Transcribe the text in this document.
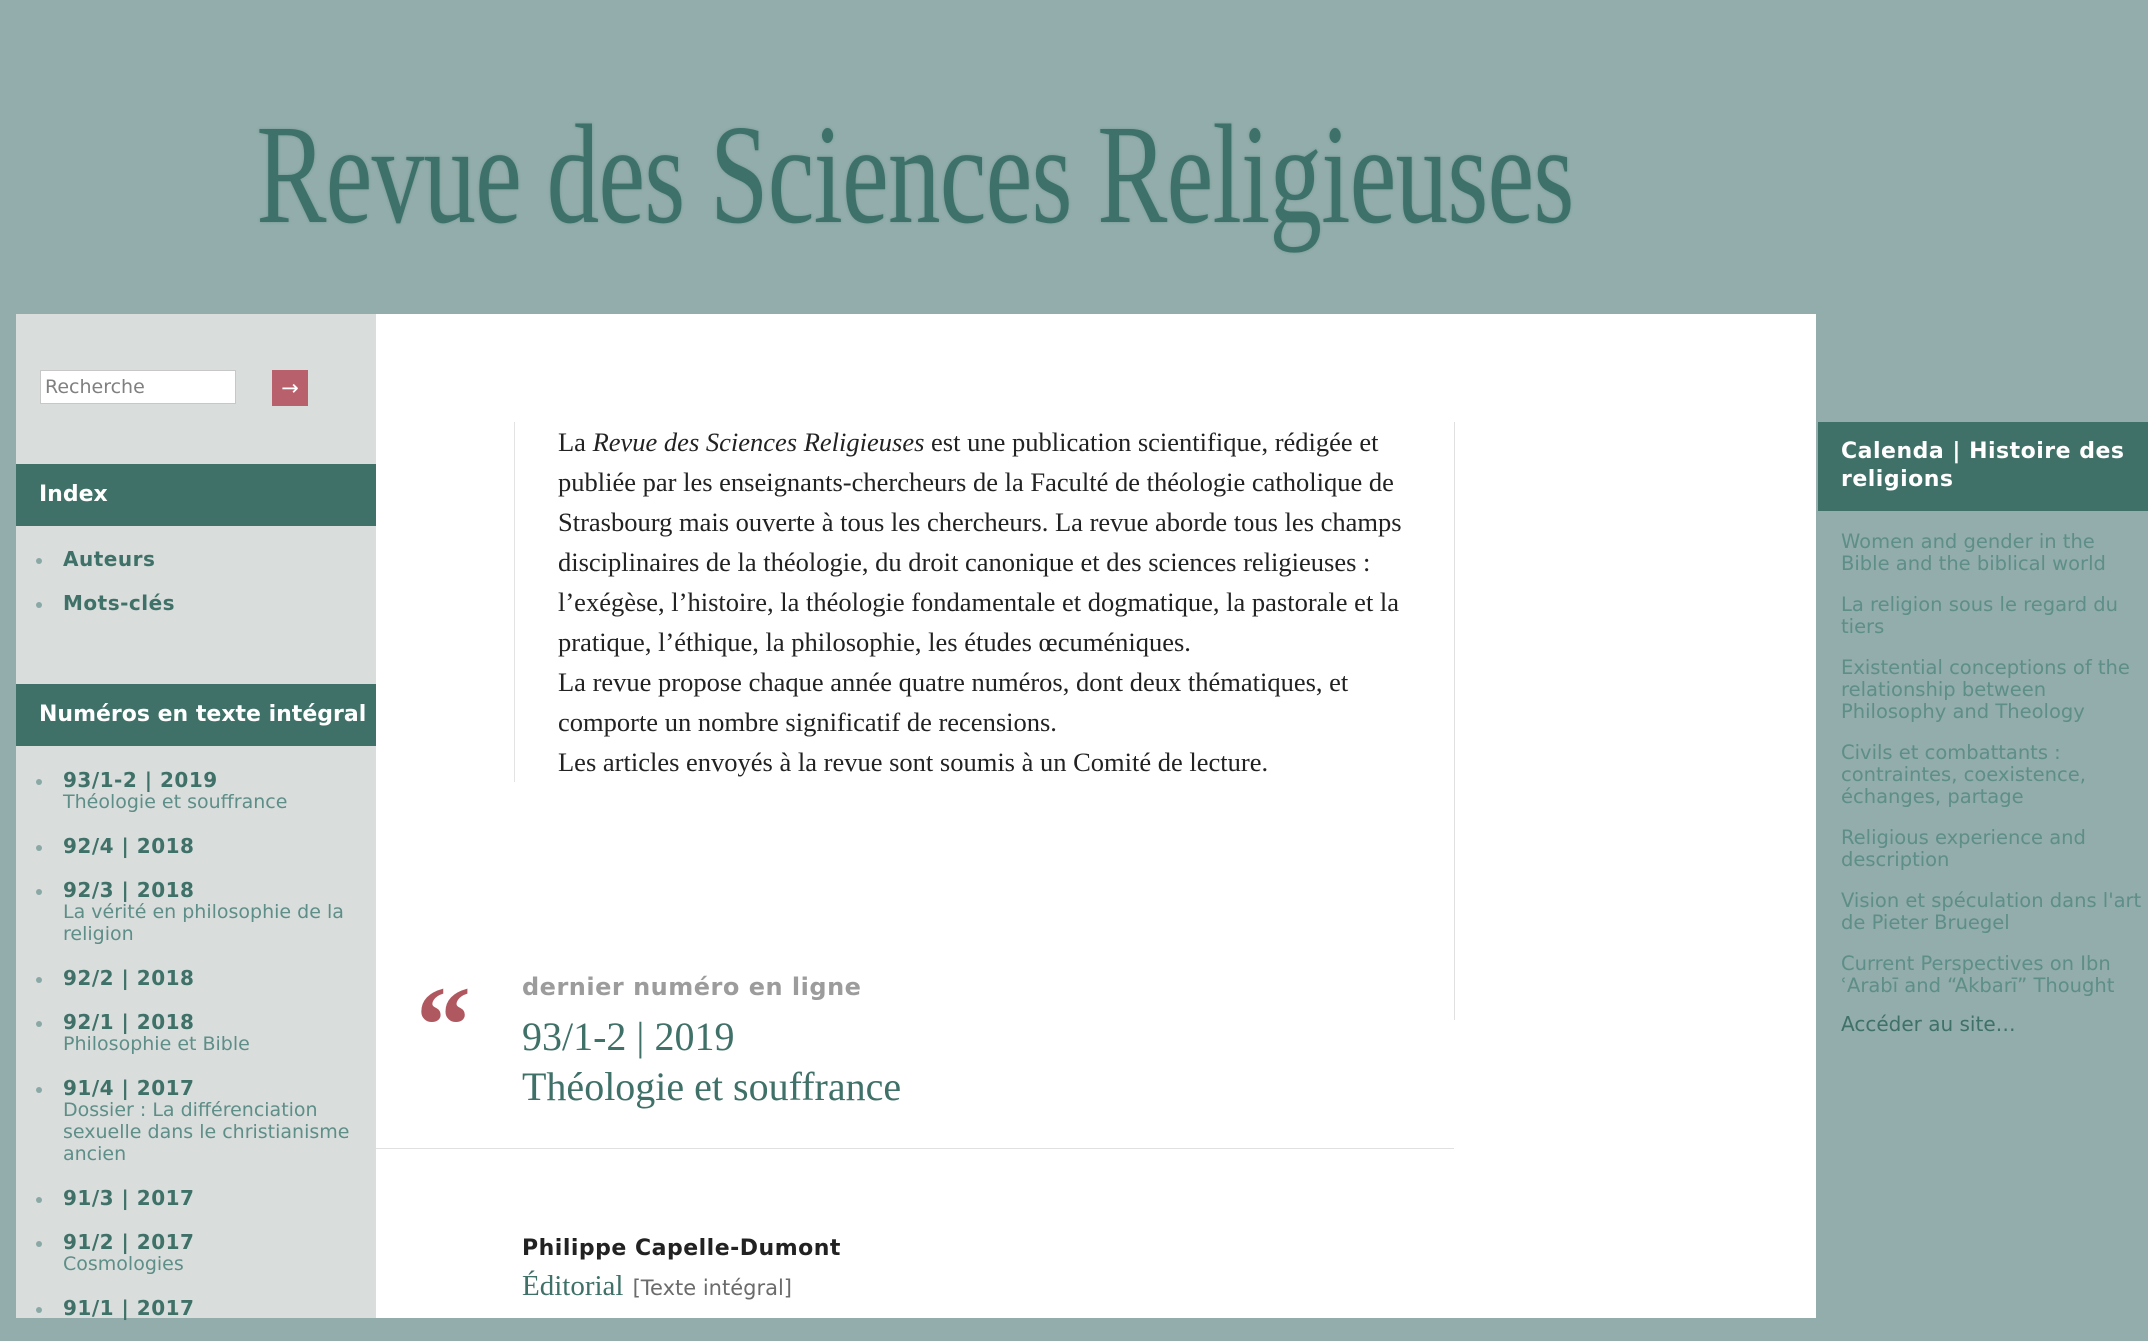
Revue des Sciences Religieuses
Recherche
→
Index
Auteurs
Mots-clés
Numéros en texte intégral
93/1-2 | 2019
Théologie et souffrance
92/4 | 2018
92/3 | 2018
La vérité en philosophie de la religion
92/2 | 2018
92/1 | 2018
Philosophie et Bible
91/4 | 2017
Dossier : La différenciation sexuelle dans le christianisme ancien
91/3 | 2017
91/2 | 2017
Cosmologies
91/1 | 2017

La Revue des Sciences Religieuses est une publication scientifique, rédigée et publiée par les enseignants-chercheurs de la Faculté de théologie catholique de Strasbourg mais ouverte à tous les chercheurs. La revue aborde tous les champs disciplinaires de la théologie, du droit canonique et des sciences religieuses : l’exégèse, l’histoire, la théologie fondamentale et dogmatique, la pastorale et la pratique, l’éthique, la philosophie, les études œcuméniques.

La revue propose chaque année quatre numéros, dont deux thématiques, et comporte un nombre significatif de recensions.

Les articles envoyés à la revue sont soumis à un Comité de lecture.

“ dernier numéro en ligne
93/1-2 | 2019
Théologie et souffrance
Philippe Capelle-Dumont
Éditorial [Texte intégral]
Calenda | Histoire des religions
Women and gender in the Bible and the biblical world
La religion sous le regard du tiers
Existential conceptions of the relationship between Philosophy and Theology
Civils et combattants : contraintes, coexistence, échanges, partage
Religious experience and description
Vision et spéculation dans l'art de Pieter Bruegel
Current Perspectives on Ibn ʿArabī and “Akbarī” Thought
Accéder au site…
